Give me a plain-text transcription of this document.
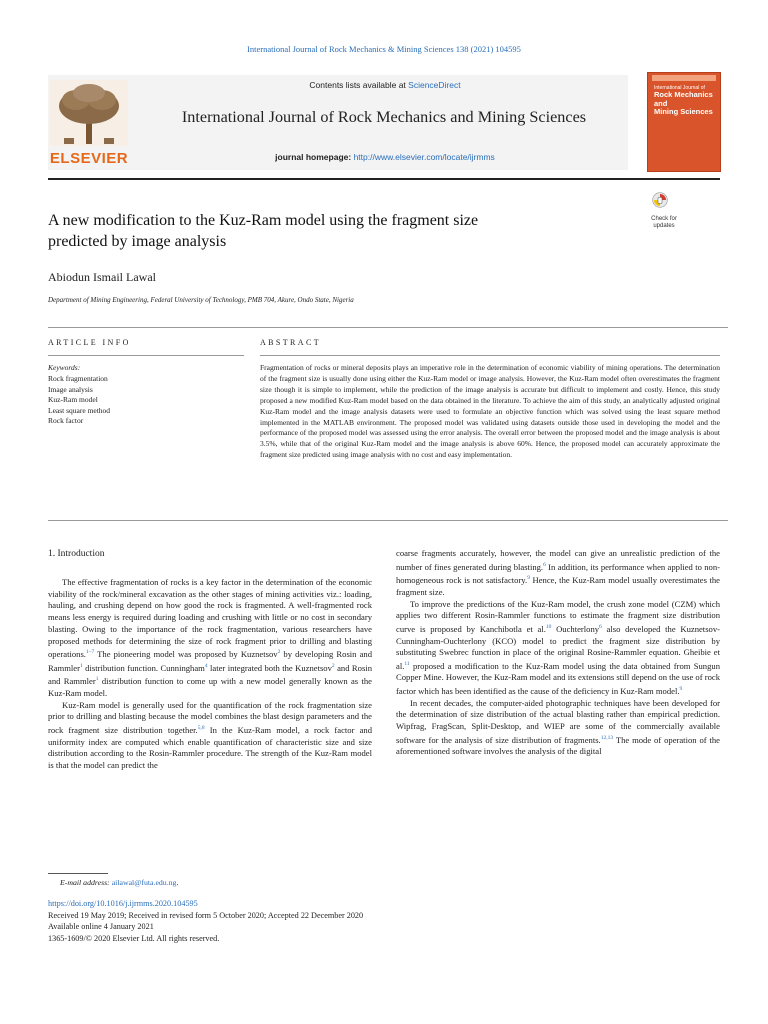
International Journal of Rock Mechanics & Mining Sciences 138 (2021) 104595
ELSEVIER
Contents lists available at ScienceDirect
International Journal of Rock Mechanics and Mining Sciences
journal homepage: http://www.elsevier.com/locate/ijrmms
International Journal of
Rock Mechanics
and
Mining Sciences
Check for updates
A new modification to the Kuz-Ram model using the fragment size
predicted by image analysis
Abiodun Ismail Lawal
Department of Mining Engineering, Federal University of Technology, PMB 704, Akure, Ondo State, Nigeria
ARTICLE INFO	ABSTRACT
Keywords:
Rock fragmentation
Image analysis
Kuz-Ram model
Least square method
Rock factor
Fragmentation of rocks or mineral deposits plays an imperative role in the determination of economic viability of mining operations. The determination of the fragment size is usually done using either the Kuz-Ram model or image analysis. However, the Kuz-Ram model often overestimates the fragment size though it is simple to implement, while the prediction of the image analysis is accurate but difficult to implement and costly. Hence, this study proposed a new modified Kuz-Ram model based on the data obtained in the literature. To achieve the aim of this study, an analytically adjusted original Kuz-Ram model and the image analysis datasets were used to formulate an objective function which was solved using the least square method implemented in the MATLAB environment. The proposed model was validated using datasets outside those used in developing the model and the performance of the proposed model was assessed using the error analysis. The overall error between the proposed model and the image analysis is about 3.5%, while that of the original Kuz-Ram model and the image analysis is above 60%. Hence, the proposed model can accurately approximate the fragment size predicted using image analysis with no cost and easy implementation.
1. Introduction

The effective fragmentation of rocks is a key factor in the determination of the economic viability of the rock/mineral excavation as the other stages of mining activities viz.: loading, hauling, and crushing depend on how good the rock is fragmented. A well-fragmented rock means less energy is required during loading and crushing with little or no cost in secondary blasting. Owing to the importance of the rock fragmentation, various researchers have proposed methods for determining the size of rock fragment prior to drilling and blasting operations.$^{1-7}$ The pioneering model was proposed by Kuznetsov$^2$ by developing Rosin and Rammler$^1$ distribution function. Cunningham$^4$ later integrated both the Kuznetsov$^2$ and Rosin and Rammler$^1$ distribution function to come up with a new model generally known as the Kuz-Ram model.

Kuz-Ram model is generally used for the quantification of the rock fragmentation size prior to drilling and blasting because the model combines the blast design parameters and the rock fragment size distribution together.$^{5,8}$ In the Kuz-Ram model, a rock factor and uniformity index are computed which enable quantification of characteristic size and size distribution according to the Rosin-Rammler procedure. The strength of the Kuz-Ram model is that the model can predict the

coarse fragments accurately, however, the model can give an unrealistic prediction of the number of fines generated during blasting.$^6$ In addition, its performance when applied to non-homogeneous rock is not satisfactory.$^9$ Hence, the Kuz-Ram model usually overestimates the fragment size.

To improve the predictions of the Kuz-Ram model, the crush zone model (CZM) which applies two different Rosin-Rammler functions to estimate the fragment size distribution curve is proposed by Kanchibotla et al.$^{10}$ Ouchterlony$^6$ also developed the Kuznetsov-Cunningham-Ouchterlony (KCO) model to predict the fragment size distribution by substituting Swebrec function in place of the original Rosine-Rammler equation. Gheibie et al.$^{11}$ proposed a modification to the Kuz-Ram model using the data obtained from Sungun Copper Mine. However, the Kuz-Ram model and its extensions still depend on the use of rock factor which has been identified as the cause of the deficiency in Kuz-Ram model.$^9$

In recent decades, the computer-aided photographic techniques have been developed for the determination of size distribution of the actual blasting rather than empirical prediction. Wipfrag, FragScan, Split-Desktop, and WIEP are some of the commercially available software for the analysis of size distribution of fragments.$^{12,13}$ The mode of operation of the aforementioned software involves the analysis of the digital

E-mail address: ailawal@futa.edu.ng.
https://doi.org/10.1016/j.ijrmms.2020.104595
Received 19 May 2019; Received in revised form 5 October 2020; Accepted 22 December 2020
Available online 4 January 2021
1365-1609/© 2020 Elsevier Ltd. All rights reserved.
